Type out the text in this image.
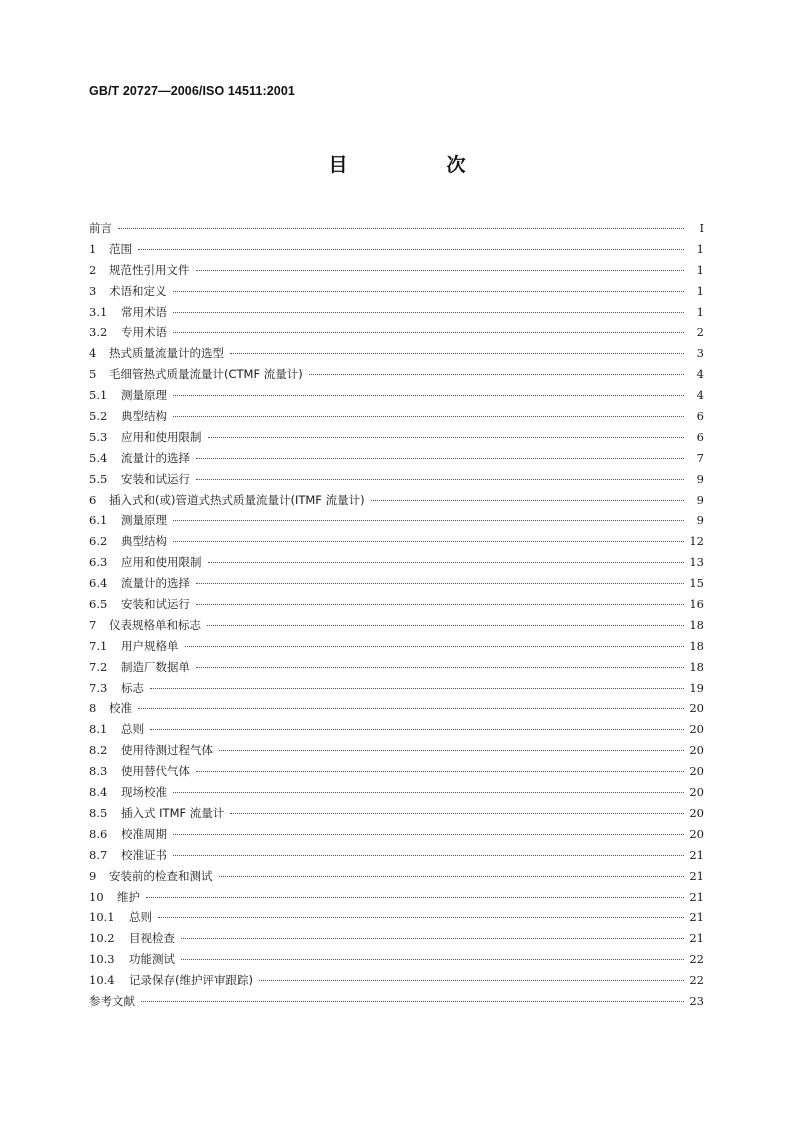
GB/T 20727—2006/ISO 14511:2001
目　次
前言	I
1 范围	1
2 规范性引用文件	1
3 术语和定义	1
3.1	常用术语	1
3.2	专用术语	2
4 热式质量流量计的选型	3
5 毛细管热式质量流量计(CTMF 流量计)	4
5.1	测量原理	4
5.2	典型结构	6
5.3	应用和使用限制	6
5.4	流量计的选择	7
5.5	安装和试运行	9
6 插入式和(或)管道式热式质量流量计(ITMF 流量计)	9
6.1	测量原理	9
6.2	典型结构	12
6.3	应用和使用限制	13
6.4	流量计的选择	15
6.5	安装和试运行	16
7 仪表规格单和标志	18
7.1	用户规格单	18
7.2	制造厂数据单	18
7.3	标志	19
8 校准	20
8.1	总则	20
8.2	使用待测过程气体	20
8.3	使用替代气体	20
8.4	现场校准	20
8.5	插入式 ITMF 流量计	20
8.6	校准周期	20
8.7	校准证书	21
9 安装前的检查和测试	21
10 维护	21
10.1 总则	21
10.2 目视检查	21
10.3 功能测试	22
10.4 记录保存(维护评审跟踪)	22
参考文献	23
